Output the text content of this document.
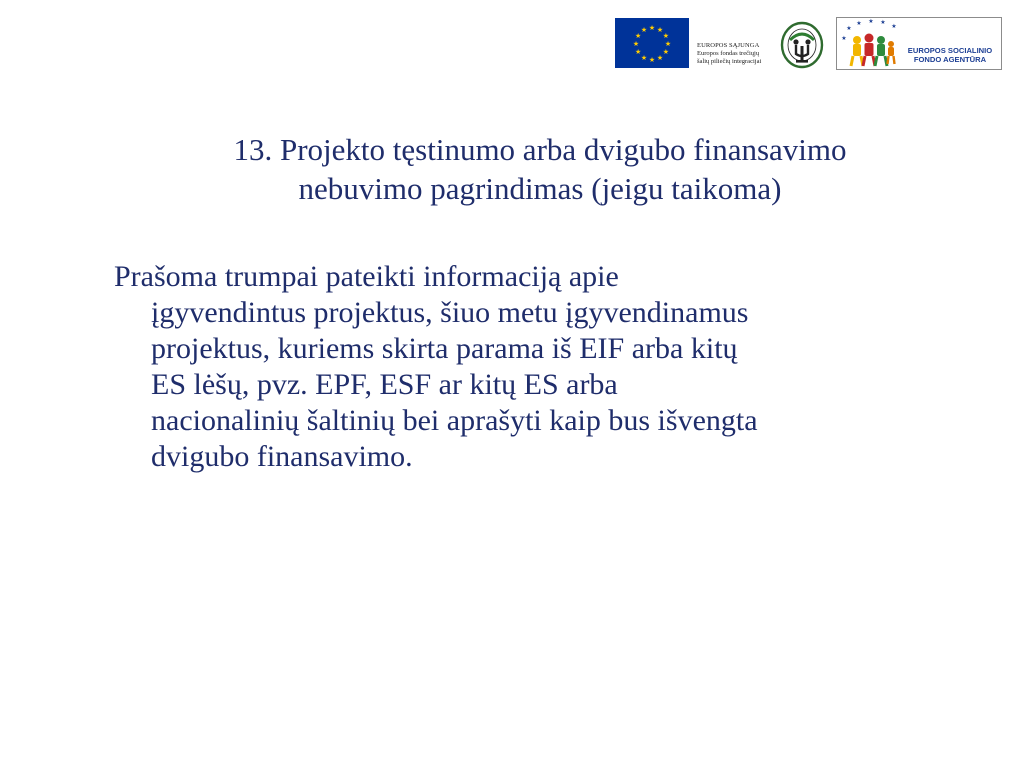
★ ★
★
★
★
★
★
★
★
★
★
★
EUROPOS SĄJUNGA
Europos fondas trečiųjų
šalių piliečių integracijai
★
★ ★ ★
★
★
EUROPOS SOCIALINIO
FONDO AGENTŪRA
13. Projekto tęstinumo arba dvigubo finansavimo
nebuvimo pagrindimas (jeigu taikoma)
Prašoma trumpai pateikti informaciją apie
įgyvendintus projektus, šiuo metu įgyvendinamus
projektus, kuriems skirta parama iš EIF arba kitų
ES lėšų, pvz. EPF, ESF ar kitų ES arba
nacionalinių šaltinių bei aprašyti kaip bus išvengta
dvigubo finansavimo.
